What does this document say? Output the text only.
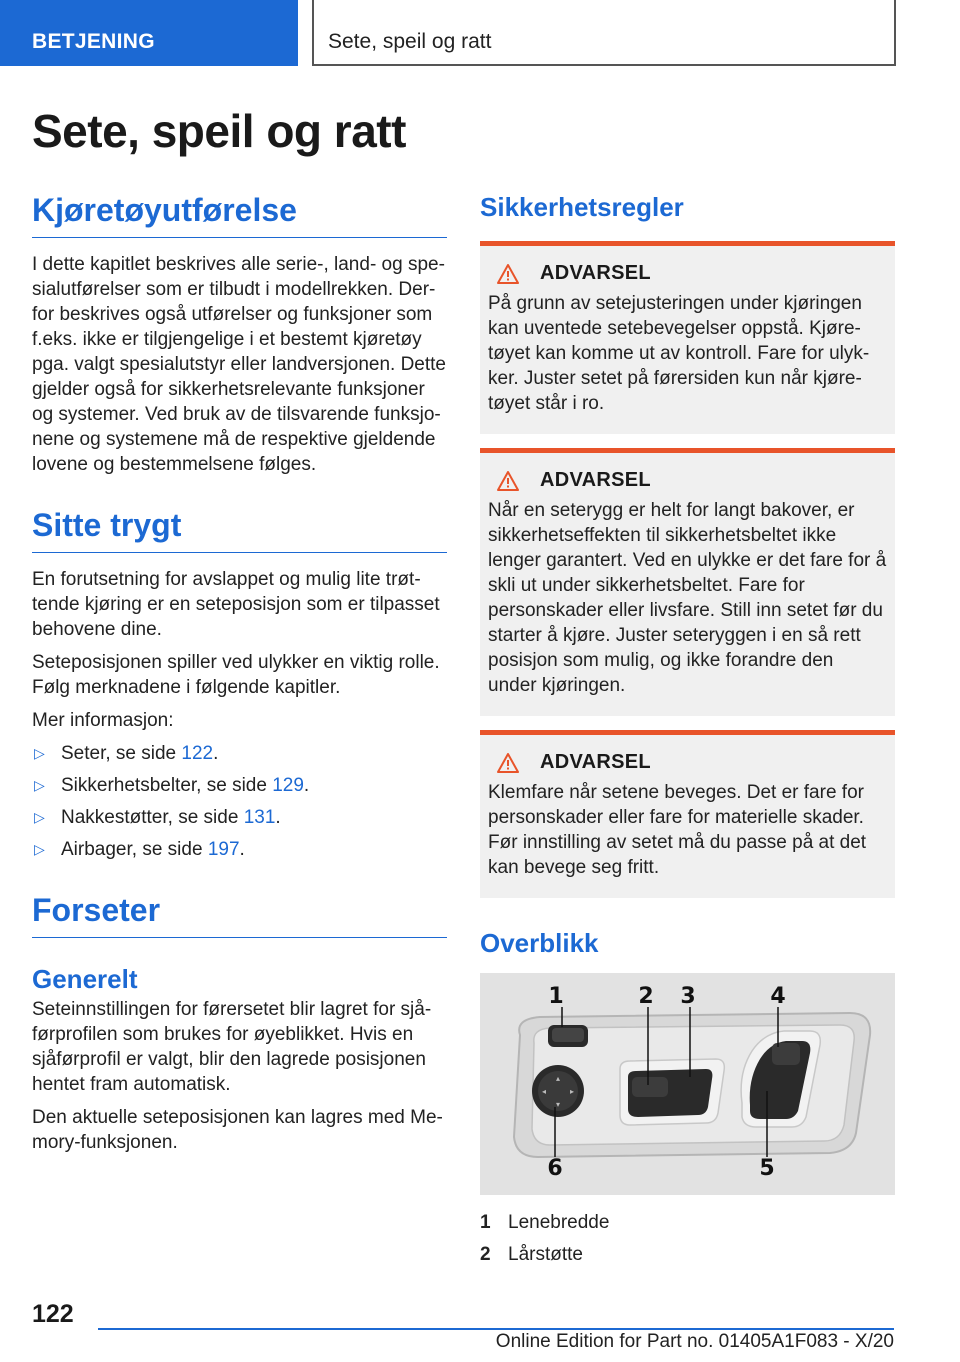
BETJENING	Sete, speil og ratt
Sete, speil og ratt
Kjøretøyutførelse

I dette kapitlet beskrives alle serie-, land- og spesialutførelser som er tilbudt i modellrekken. Derfor beskrives også utførelser og funksjoner som f.eks. ikke er tilgjengelige i et bestemt kjøretøy pga. valgt spesialutstyr eller landversjonen. Dette gjelder også for sikkerhetsrelevante funksjoner og systemer. Ved bruk av de tilsvarende funksjonene og systemene må de respektive gjeldende lovene og bestemmelsene følges.

Sitte trygt

En forutsetning for avslappet og mulig lite trøttende kjøring er en seteposisjon som er tilpasset behovene dine.

Seteposisjonen spiller ved ulykker en viktig rolle. Følg merknadene i følgende kapitler.

Mer informasjon:

▷ Seter, se side 122.
▷ Sikkerhetsbelter, se side 129.
▷ Nakkestøtter, se side 131.
▷ Airbager, se side 197.
Forseter
Generelt

Seteinnstillingen for førersetet blir lagret for sjåførprofilen som brukes for øyeblikket. Hvis en sjåførprofil er valgt, blir den lagrede posisjonen hentet fram automatisk.

Den aktuelle seteposisjonen kan lagres med Memory-funksjonen.

Sikkerhetsregler
ADVARSEL

På grunn av setejusteringen under kjøringen kan uventede setebevegelser oppstå. Kjøretøyet kan komme ut av kontroll. Fare for ulykker. Juster setet på førersiden kun når kjøretøyet står i ro.

ADVARSEL

Når en seterygg er helt for langt bakover, er sikkerhetseffekten til sikkerhetsbeltet ikke lenger garantert. Ved en ulykke er det fare for å skli ut under sikkerhetsbeltet. Fare for personskader eller livsfare. Still inn setet før du starter å kjøre. Juster seteryggen i en så rett posisjon som mulig, og ikke forandre den under kjøringen.

ADVARSEL

Klemfare når setene beveges. Det er fare for personskader eller fare for materielle skader. Før innstilling av setet må du passe på at det kan bevege seg fritt.

Overblikk
▴
▾
◂	▸
1	2 3	4
5
6
1 Lenebredde
2 Lårstøtte
122
Online Edition for Part no. 01405A1F083 - X/20
